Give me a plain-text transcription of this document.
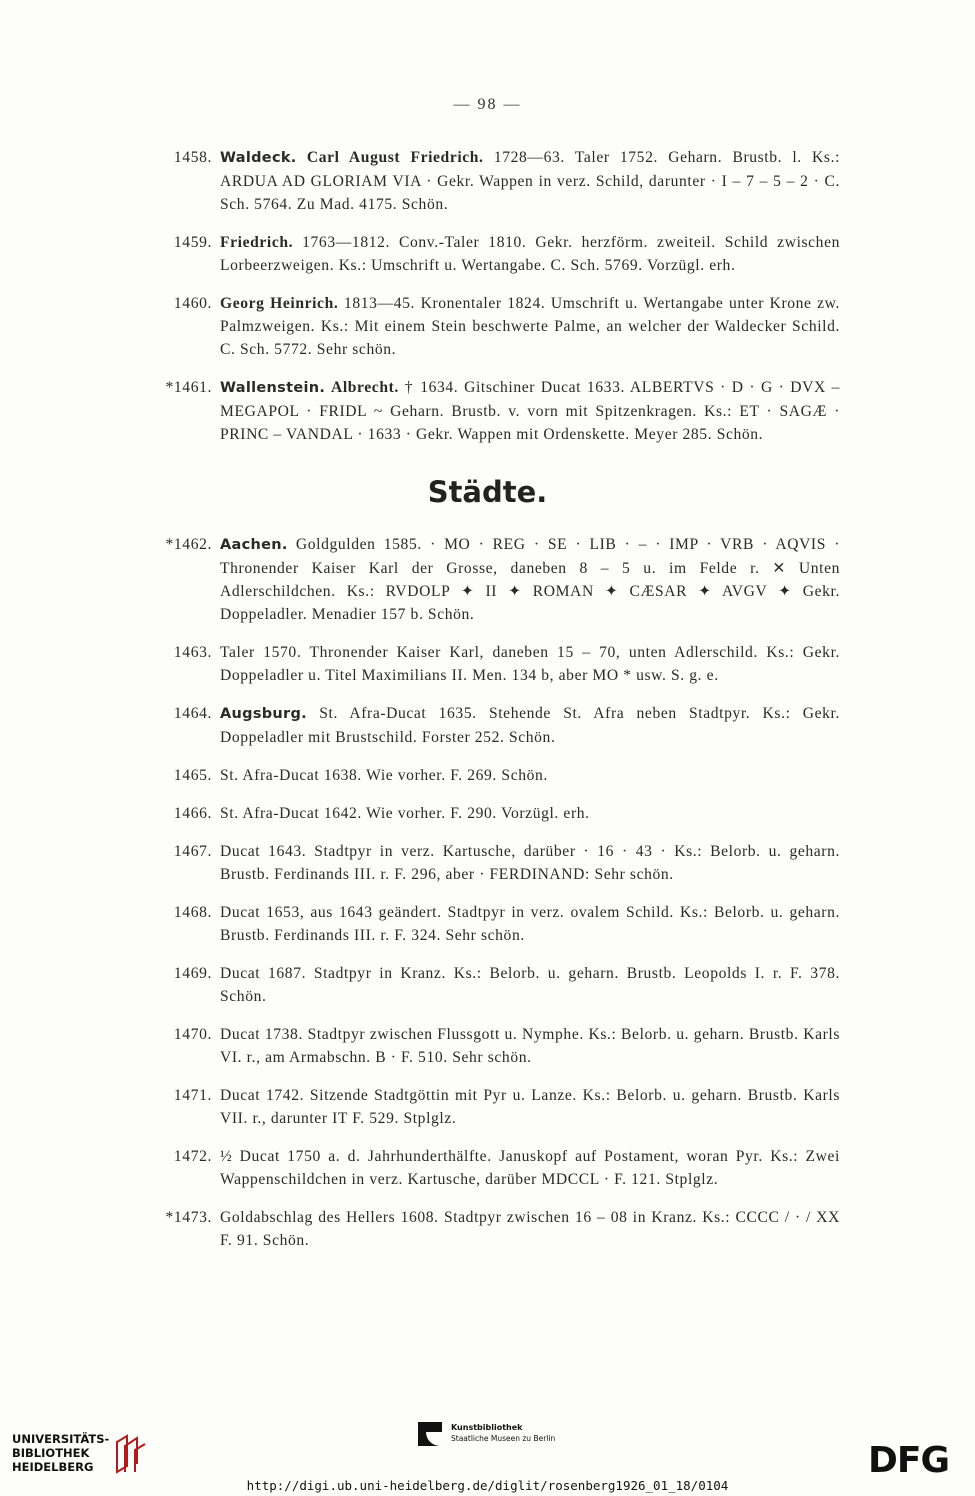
— 98 —
1458. Waldeck. Carl August Friedrich. 1728—63. Taler 1752. Geharn. Brustb. l. Ks.: ARDUA AD GLORIAM VIA · Gekr. Wappen in verz. Schild, darunter · I – 7 – 5 – 2 · C. Sch. 5764. Zu Mad. 4175. Schön.
1459. Friedrich. 1763—1812. Conv.-Taler 1810. Gekr. herzförm. zweiteil. Schild zwischen Lorbeerzweigen. Ks.: Umschrift u. Wertangabe. C. Sch. 5769. Vorzügl. erh.
1460. Georg Heinrich. 1813—45. Kronentaler 1824. Umschrift u. Wertangabe unter Krone zw. Palmzweigen. Ks.: Mit einem Stein beschwerte Palme, an welcher der Waldecker Schild. C. Sch. 5772. Sehr schön.
*1461. Wallenstein. Albrecht. † 1634. Gitschiner Ducat 1633. ALBERTVS · D · G · DVX – MEGAPOL · FRIDL ~ Geharn. Brustb. v. vorn mit Spitzenkragen. Ks.: ET · SAGÆ · PRINC – VANDAL · 1633 · Gekr. Wappen mit Ordenskette. Meyer 285. Schön.
Städte.
*1462. Aachen. Goldgulden 1585. · MO · REG · SE · LIB · – · IMP · VRB · AQVIS · Thronender Kaiser Karl der Grosse, daneben 8 – 5 u. im Felde r. ✕ Unten Adlerschildchen. Ks.: RVDOLP ✦ II ✦ ROMAN ✦ CÆSAR ✦ AVGV ✦ Gekr. Doppeladler. Menadier 157 b. Schön.
1463. Taler 1570. Thronender Kaiser Karl, daneben 15 – 70, unten Adlerschild. Ks.: Gekr. Doppeladler u. Titel Maximilians II. Men. 134 b, aber MO * usw. S. g. e.
1464. Augsburg. St. Afra-Ducat 1635. Stehende St. Afra neben Stadtpyr. Ks.: Gekr. Doppeladler mit Brustschild. Forster 252. Schön.
1465. St. Afra-Ducat 1638. Wie vorher. F. 269. Schön.
1466. St. Afra-Ducat 1642. Wie vorher. F. 290. Vorzügl. erh.
1467. Ducat 1643. Stadtpyr in verz. Kartusche, darüber · 16 · 43 · Ks.: Belorb. u. geharn. Brustb. Ferdinands III. r. F. 296, aber · FERDINAND: Sehr schön.
1468. Ducat 1653, aus 1643 geändert. Stadtpyr in verz. ovalem Schild. Ks.: Belorb. u. geharn. Brustb. Ferdinands III. r. F. 324. Sehr schön.
1469. Ducat 1687. Stadtpyr in Kranz. Ks.: Belorb. u. geharn. Brustb. Leopolds I. r. F. 378. Schön.
1470. Ducat 1738. Stadtpyr zwischen Flussgott u. Nymphe. Ks.: Belorb. u. geharn. Brustb. Karls VI. r., am Armabschn. B · F. 510. Sehr schön.
1471. Ducat 1742. Sitzende Stadtgöttin mit Pyr u. Lanze. Ks.: Belorb. u. geharn. Brustb. Karls VII. r., darunter IT F. 529. Stplglz.
1472. ½ Ducat 1750 a. d. Jahrhunderthälfte. Januskopf auf Postament, woran Pyr. Ks.: Zwei Wappenschildchen in verz. Kartusche, darüber MDCCL · F. 121. Stplglz.
*1473. Goldabschlag des Hellers 1608. Stadtpyr zwischen 16 – 08 in Kranz. Ks.: CCCC / · / XX F. 91. Schön.
UNIVERSITÄTS-
BIBLIOTHEK
HEIDELBERG
Kunstbibliothek
Staatliche Museen zu Berlin
DFG
http://digi.ub.uni-heidelberg.de/diglit/rosenberg1926_01_18/0104
